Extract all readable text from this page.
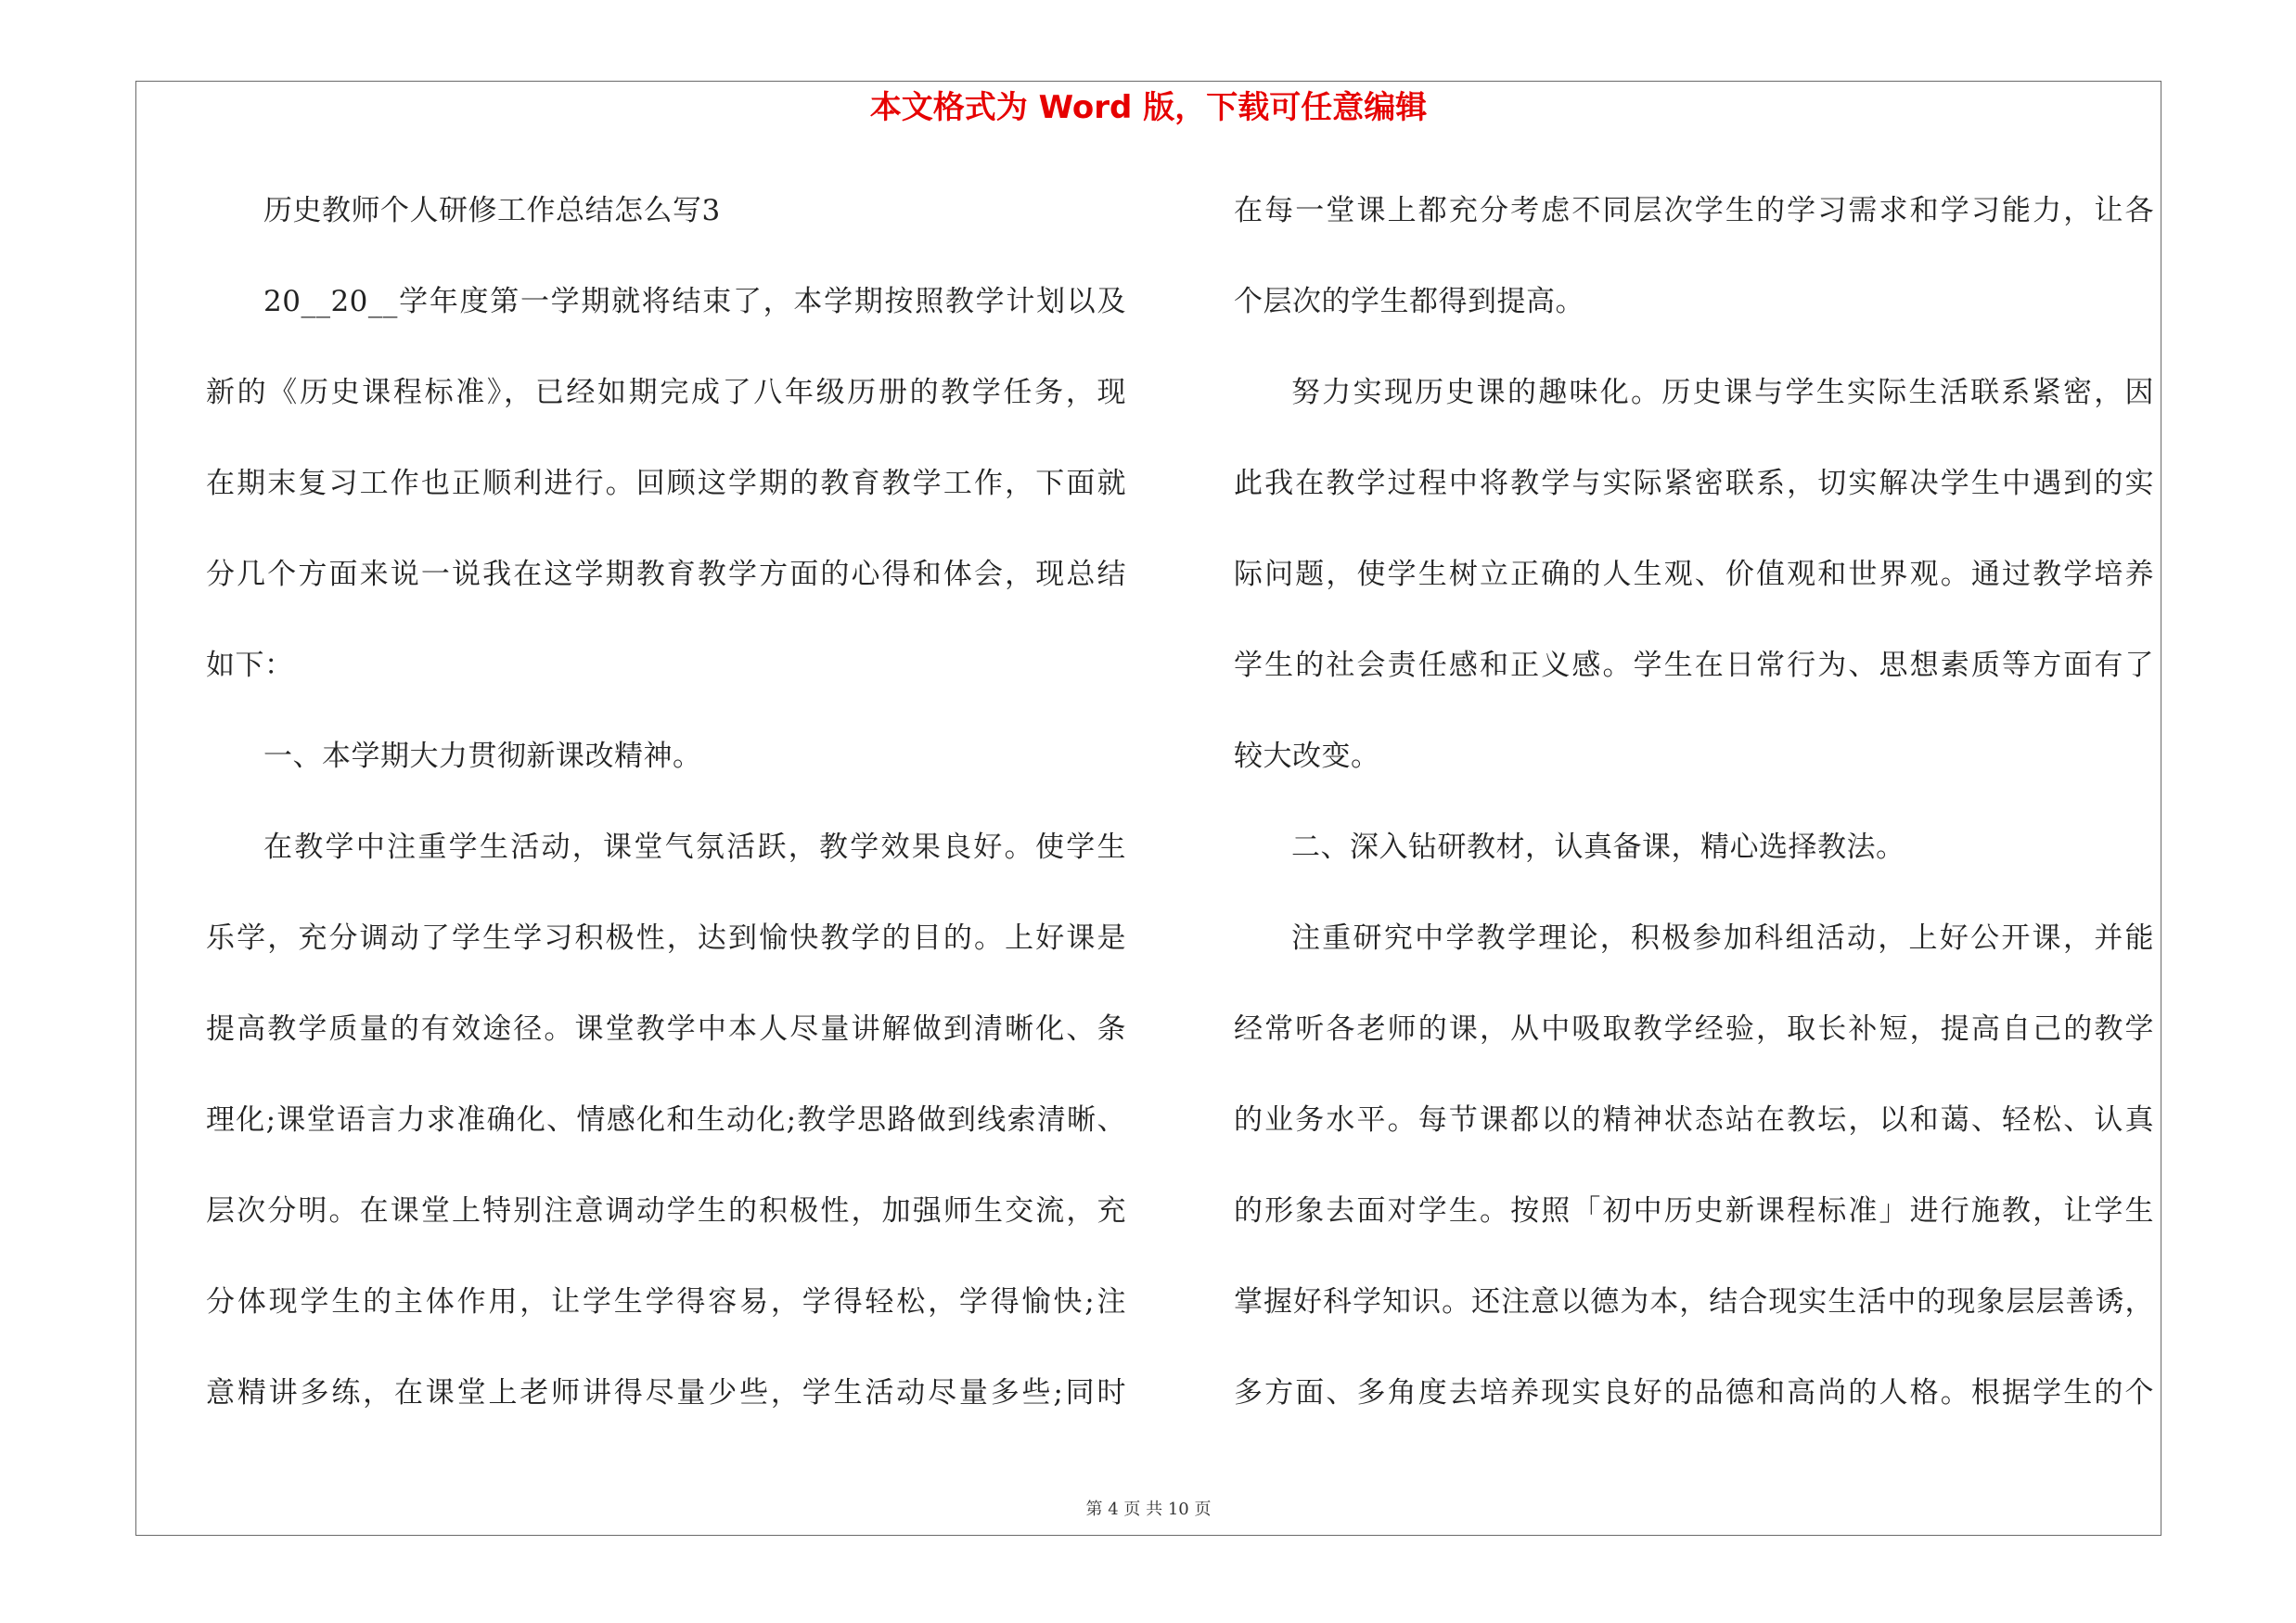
本文格式为 Word 版，下载可任意编辑
历史教师个人研修工作总结怎么写3
20__20__学年度第一学期就将结束了，本学期按照教学计划以及
新的《历史课程标准》，已经如期完成了八年级历册的教学任务，现
在期末复习工作也正顺利进行。回顾这学期的教育教学工作，下面就
分几个方面来说一说我在这学期教育教学方面的心得和体会，现总结
如下：
一、本学期大力贯彻新课改精神。
在教学中注重学生活动，课堂气氛活跃，教学效果良好。使学生
乐学，充分调动了学生学习积极性，达到愉快教学的目的。上好课是
提高教学质量的有效途径。课堂教学中本人尽量讲解做到清晰化、条
理化;课堂语言力求准确化、情感化和生动化;教学思路做到线索清晰、
层次分明。在课堂上特别注意调动学生的积极性，加强师生交流，充
分体现学生的主体作用，让学生学得容易，学得轻松，学得愉快;注
意精讲多练，在课堂上老师讲得尽量少些，学生活动尽量多些;同时
在每一堂课上都充分考虑不同层次学生的学习需求和学习能力，让各
个层次的学生都得到提高。
努力实现历史课的趣味化。历史课与学生实际生活联系紧密，因
此我在教学过程中将教学与实际紧密联系，切实解决学生中遇到的实
际问题，使学生树立正确的人生观、价值观和世界观。通过教学培养
学生的社会责任感和正义感。学生在日常行为、思想素质等方面有了
较大改变。
二、深入钻研教材，认真备课，精心选择教法。
注重研究中学教学理论，积极参加科组活动，上好公开课，并能
经常听各老师的课，从中吸取教学经验，取长补短，提高自己的教学
的业务水平。每节课都以的精神状态站在教坛，以和蔼、轻松、认真
的形象去面对学生。按照「初中历史新课程标准」进行施教，让学生
掌握好科学知识。还注意以德为本，结合现实生活中的现象层层善诱，
多方面、多角度去培养现实良好的品德和高尚的人格。根据学生的个
第 4 页 共 10 页
